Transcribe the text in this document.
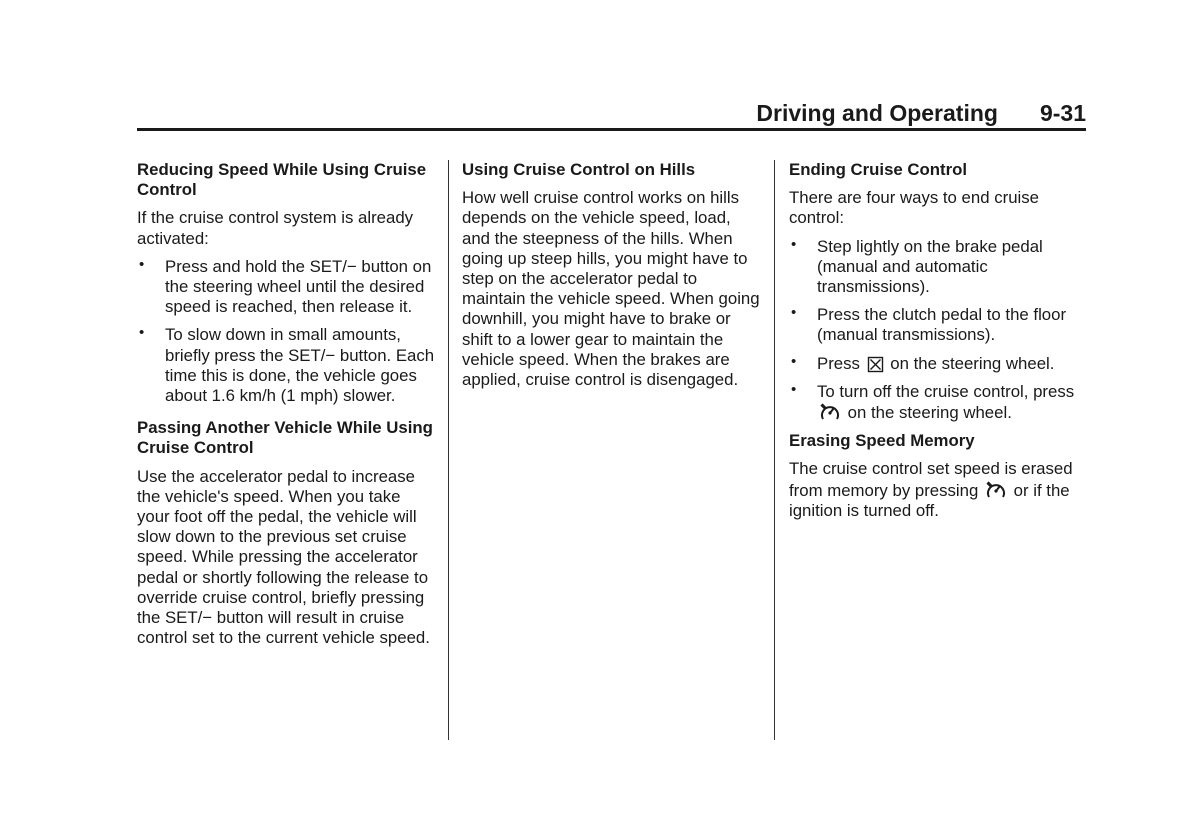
Driving and Operating 9-31
Reducing Speed While Using Cruise Control

If the cruise control system is already activated:

• Press and hold the SET/− button on the steering wheel until the desired speed is reached, then release it.
• To slow down in small amounts, briefly press the SET/− button. Each time this is done, the vehicle goes about 1.6 km/h (1 mph) slower.
Passing Another Vehicle While Using Cruise Control

Use the accelerator pedal to increase the vehicle's speed. When you take your foot off the pedal, the vehicle will slow down to the previous set cruise speed. While pressing the accelerator pedal or shortly following the release to override cruise control, briefly pressing the SET/− button will result in cruise control set to the current vehicle speed.

Using Cruise Control on Hills

How well cruise control works on hills depends on the vehicle speed, load, and the steepness of the hills. When going up steep hills, you might have to step on the accelerator pedal to maintain the vehicle speed. When going downhill, you might have to brake or shift to a lower gear to maintain the vehicle speed. When the brakes are applied, cruise control is disengaged.

Ending Cruise Control

There are four ways to end cruise control:

• Step lightly on the brake pedal (manual and automatic transmissions).
• Press the clutch pedal to the floor (manual transmissions).
• Press on the steering wheel.
• To turn off the cruise control, press
on the steering wheel.
Erasing Speed Memory

The cruise control set speed is erased from memory by pressing or if the ignition is turned off.
